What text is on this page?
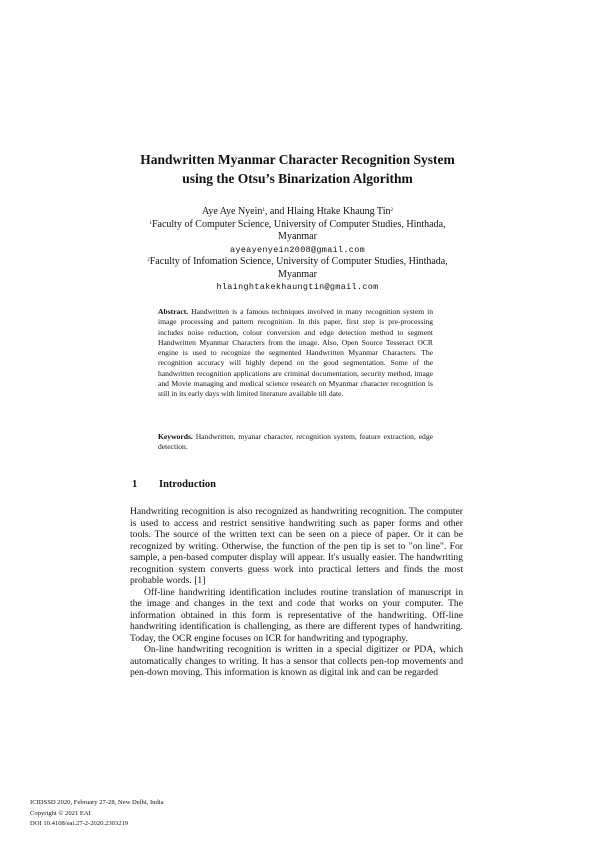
Handwritten Myanmar Character Recognition System
using the Otsu’s Binarization Algorithm
Aye Aye Nyein$^1$, and Hlaing Htake Khaung Tin$^2$
$^1$Faculty of Computer Science, University of Computer Studies, Hinthada,
Myanmar
ayeayenyein2008@gmail.com
$^2$Faculty of Infomation Science, University of Computer Studies, Hinthada,
Myanmar
hlainghtakekhaungtin@gmail.com
Abstract. Handwritten is a famous techniques involved in many recognition system in image processing and pattern recognition. In this paper, first step is pre-processing includes noise reduction, colour conversion and edge detection method to segment Handwritten Myanmar Characters from the image. Also, Open Source Tesseract OCR engine is used to recognize the segmented Handwritten Myanmar Characters. The recognition accuracy will highly depend on the good segmentation. Some of the handwritten recognition applications are criminal documentation, security method, image and Movie managing and medical science research on Myanmar character recognition is still in its early days with limited literature available till date.
Keywords. Handwritten, myanar character, recognition system, feature extraction, edge detection.
1 Introduction

Handwriting recognition is also recognized as handwriting recognition. The computer is used to access and restrict sensitive handwriting such as paper forms and other tools. The source of the written text can be seen on a piece of paper. Or it can be recognized by writing. Otherwise, the function of the pen tip is set to "on line". For sample, a pen-based computer display will appear. It's usually easier. The handwriting recognition system converts guess work into practical letters and finds the most probable words. [1]

Off-line handwriting identification includes routine translation of manuscript in the image and changes in the text and code that works on your computer. The information obtained in this form is representative of the handwriting. Off-line handwriting identification is challenging, as there are different types of handwriting. Today, the OCR engine focuses on ICR for handwriting and typography.

On-line handwriting recognition is written in a special digitizer or PDA, which automatically changes to writing. It has a sensor that collects pen-top movements and pen-down moving. This information is known as digital ink and can be regarded

ICIDSSD 2020, February 27-28, New Delhi, India
Copyright © 2021 EAI
DOI 10.4108/eai.27-2-2020.2303219
